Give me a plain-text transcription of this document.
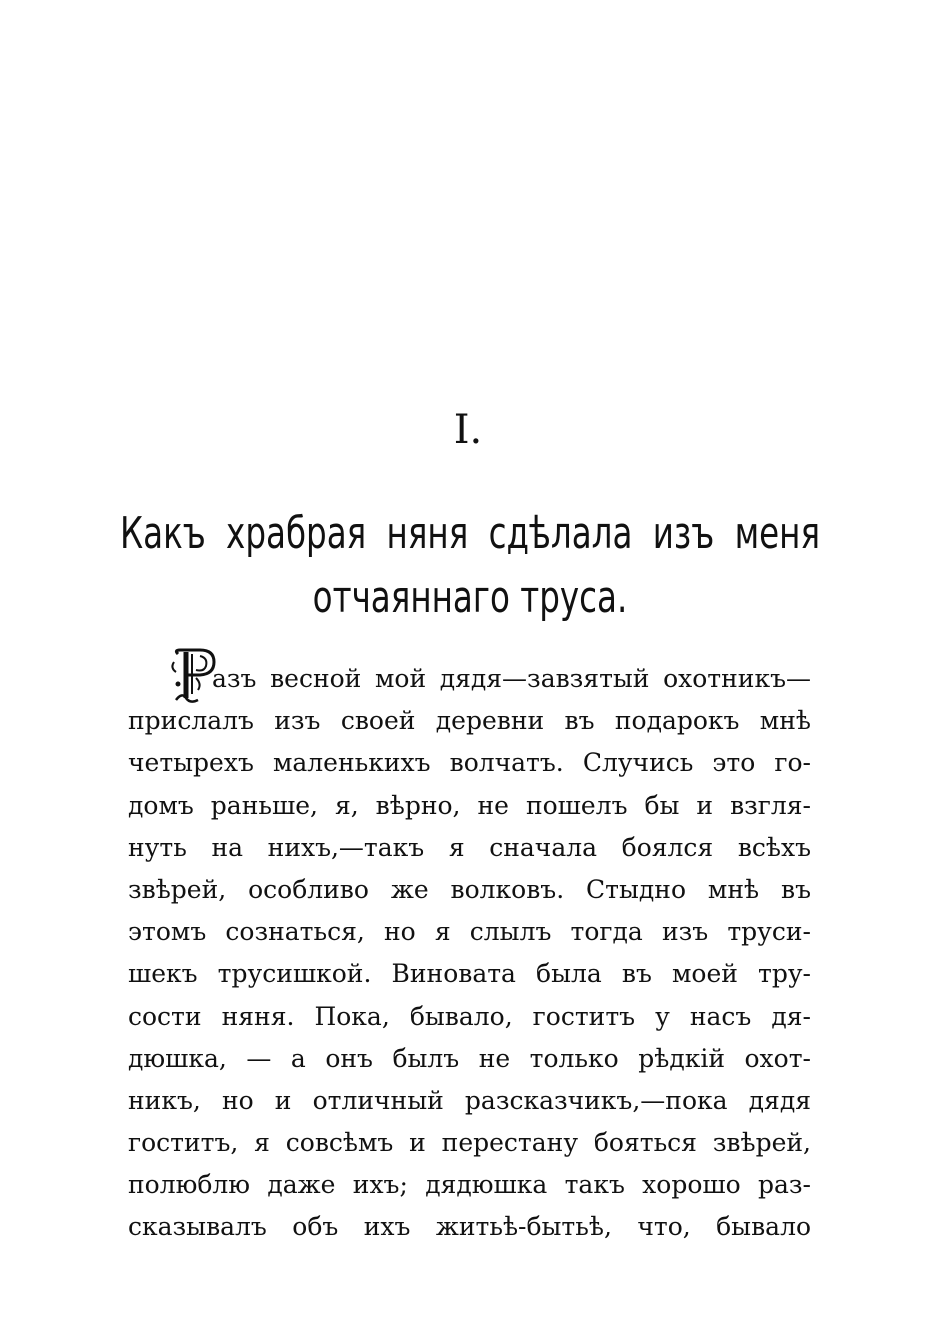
I.
Какъ храбрая няня сдѣлала изъ меня
отчаяннаго труса.
азъ весной мой дядя—завзятый охотникъ—
прислалъ изъ своей деревни въ подарокъ мнѣ
четырехъ маленькихъ волчатъ. Случись это го-
домъ раньше, я, вѣрно, не пошелъ бы и взгля-
нуть на нихъ,—такъ я сначала боялся всѣхъ
звѣрей, особливо же волковъ. Стыдно мнѣ въ
этомъ сознаться, но я слылъ тогда изъ труси-
шекъ трусишкой. Виновата была въ моей тру-
сости няня. Пока, бывало, гоститъ у насъ дя-
дюшка, — а онъ былъ не только рѣдкій охот-
никъ, но и отличный разсказчикъ,—пока дядя
гоститъ, я совсѣмъ и перестану бояться звѣрей,
полюблю даже ихъ; дядюшка такъ хорошо раз-
сказывалъ объ ихъ житьѣ-бытьѣ, что, бывало
